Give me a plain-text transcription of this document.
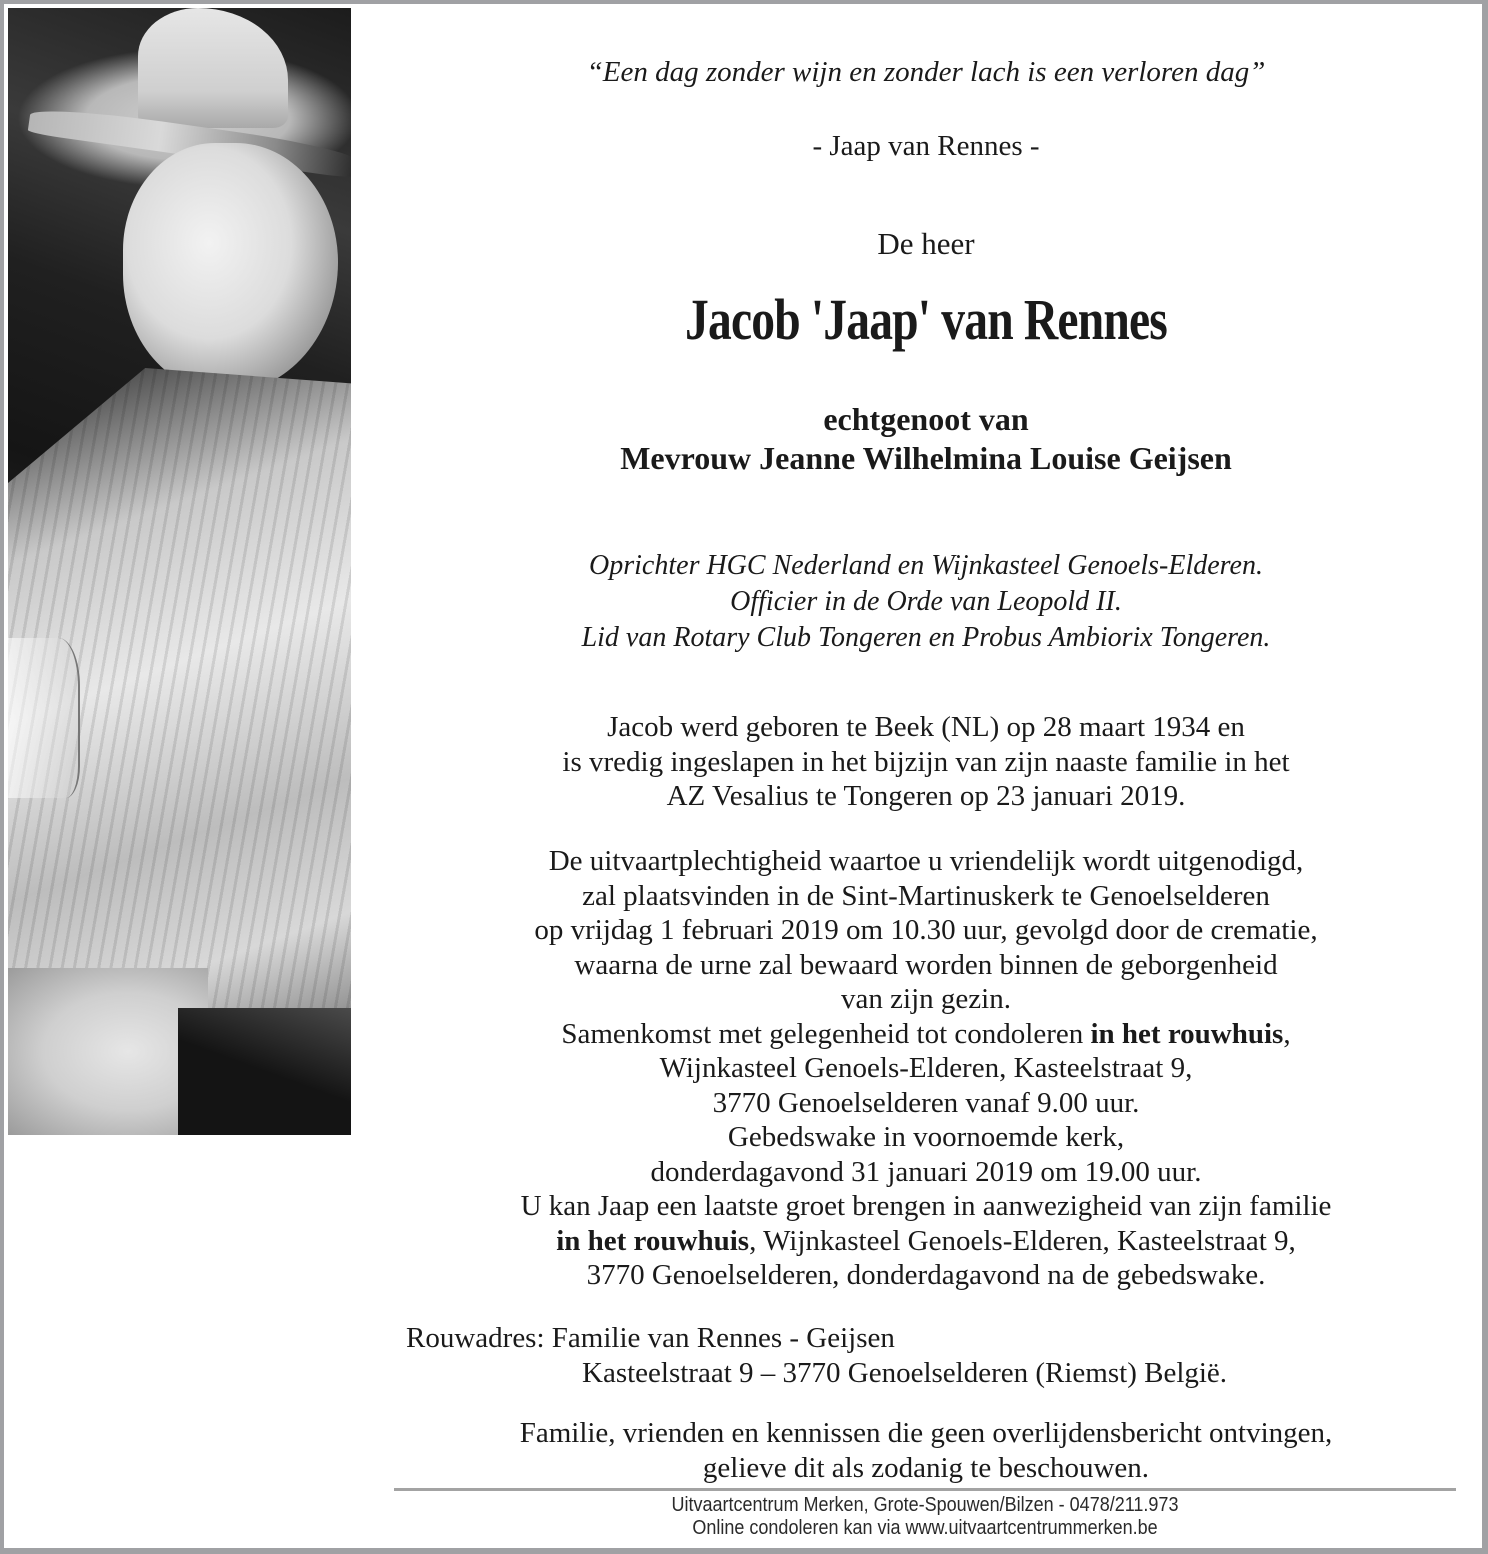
“Een dag zonder wijn en zonder lach is een verloren dag”
- Jaap van Rennes -
De heer
Jacob 'Jaap' van Rennes
echtgenoot van
Mevrouw Jeanne Wilhelmina Louise Geijsen
Oprichter HGC Nederland en Wijnkasteel Genoels-Elderen.
Officier in de Orde van Leopold II.
Lid van Rotary Club Tongeren en Probus Ambiorix Tongeren.
Jacob werd geboren te Beek (NL) op 28 maart 1934 en
is vredig ingeslapen in het bijzijn van zijn naaste familie in het
AZ Vesalius te Tongeren op 23 januari 2019.
De uitvaartplechtigheid waartoe u vriendelijk wordt uitgenodigd,
zal plaatsvinden in de Sint-Martinuskerk te Genoelselderen
op vrijdag 1 februari 2019 om 10.30 uur, gevolgd door de crematie,
waarna de urne zal bewaard worden binnen de geborgenheid
van zijn gezin.
Samenkomst met gelegenheid tot condoleren in het rouwhuis,
Wijnkasteel Genoels-Elderen, Kasteelstraat 9,
3770 Genoelselderen vanaf 9.00 uur.
Gebedswake in voornoemde kerk,
donderdagavond 31 januari 2019 om 19.00 uur.
U kan Jaap een laatste groet brengen in aanwezigheid van zijn familie
in het rouwhuis, Wijnkasteel Genoels-Elderen, Kasteelstraat 9,
3770 Genoelselderen, donderdagavond na de gebedswake.
Rouwadres: Familie van Rennes - Geijsen
Kasteelstraat 9 – 3770 Genoelselderen (Riemst) België.
Familie, vrienden en kennissen die geen overlijdensbericht ontvingen,
gelieve dit als zodanig te beschouwen.
Uitvaartcentrum Merken, Grote-Spouwen/Bilzen - 0478/211.973
Online condoleren kan via www.uitvaartcentrummerken.be
